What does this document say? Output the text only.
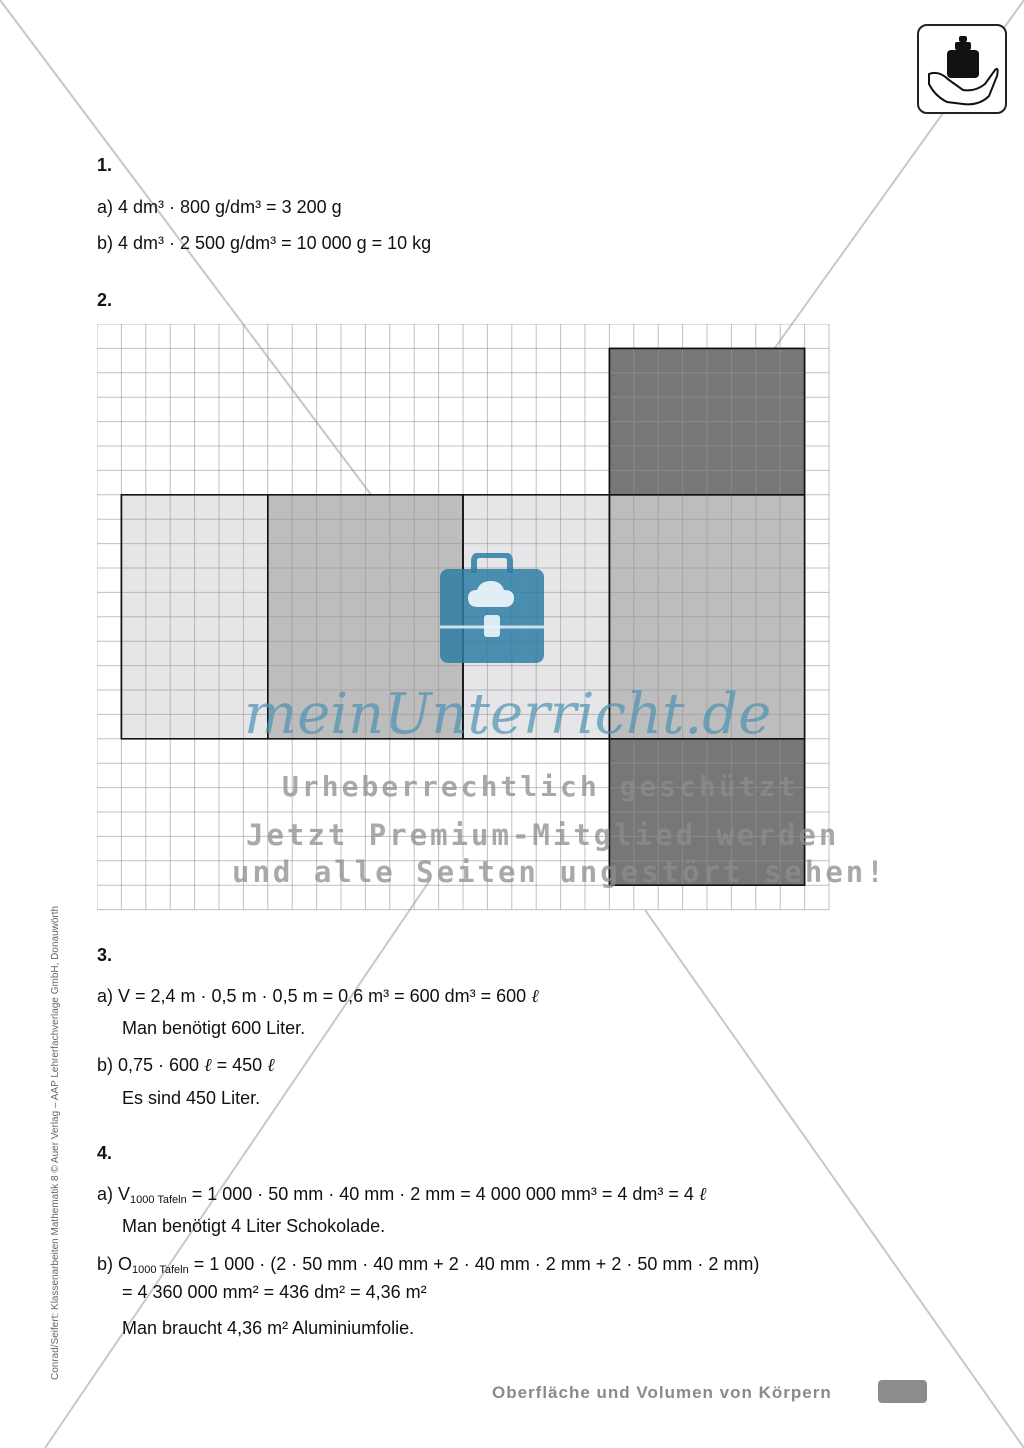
1.
a) 4 dm³ · 800 g/dm³ = 3 200 g
b) 4 dm³ · 2 500 g/dm³ = 10 000 g = 10 kg
2.
3.
a) V = 2,4 m · 0,5 m · 0,5 m = 0,6 m³ = 600 dm³ = 600 ℓ
Man benötigt 600 Liter.
b) 0,75 · 600 ℓ = 450 ℓ
Es sind 450 Liter.
4.
a) $V_{1000 Tafeln} = 1$ 000 · 50 mm · 40 mm · 2 mm = 4 000 000 mm³ = 4 dm³ = 4 ℓ
Man benötigt 4 Liter Schokolade.
b) $O_{1000 Tafeln} = 1$ 000 · (2 · 50 mm · 40 mm + 2 · 40 mm · 2 mm + 2 · 50 mm · 2 mm)
= 4 360 000 mm² = 436 dm² = 4,36 m²
Man braucht 4,36 m² Aluminiumfolie.
meinUnterricht.de
Urheberrechtlich geschützt
Jetzt Premium-Mitglied werden
und alle Seiten ungestört sehen!
Conrad/Seifert: Klassenarbeiten Mathematik 8 © Auer Verlag – AAP Lehrerfachverlage GmbH, Donauwörth
Oberfläche und Volumen von Körpern
